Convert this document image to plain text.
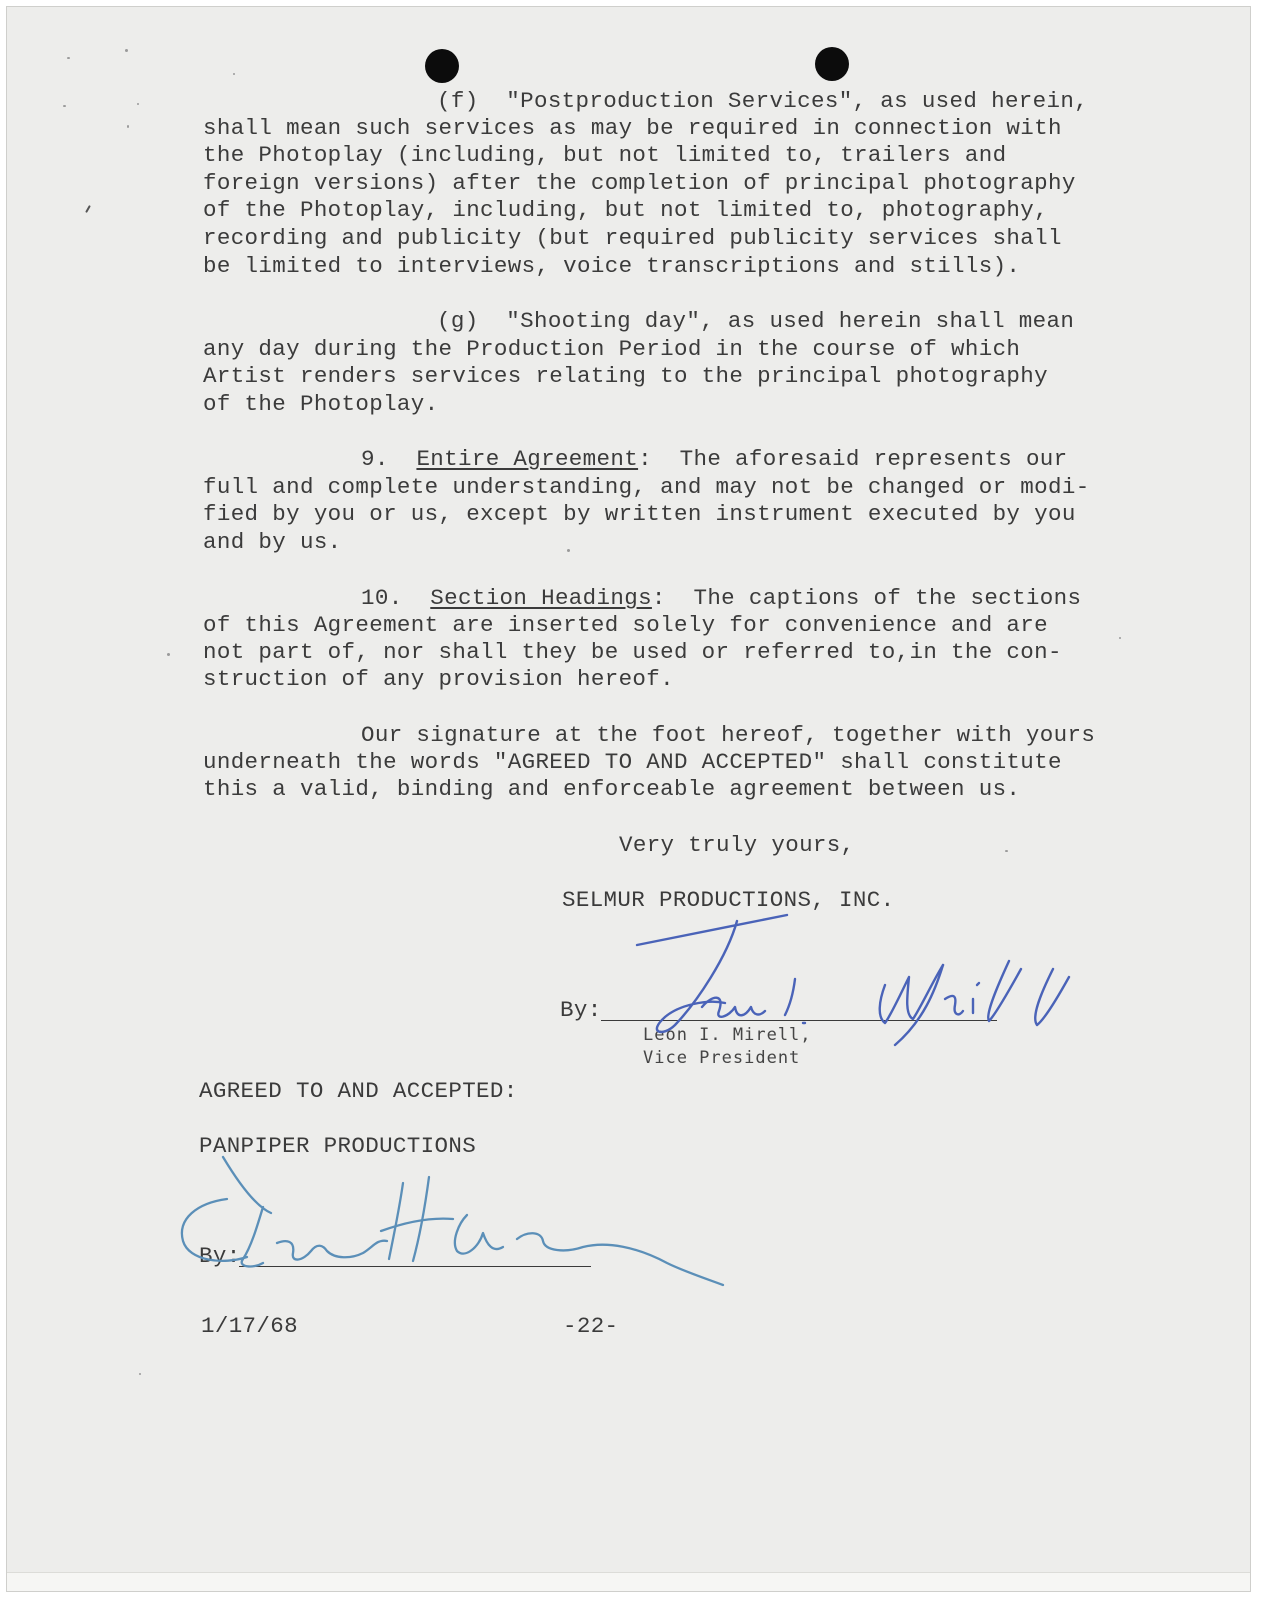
(f)  "Postproduction Services", as used herein,

shall mean such services as may be required in connection with

the Photoplay (including, but not limited to, trailers and

foreign versions) after the completion of principal photography

of the Photoplay, including, but not limited to, photography,

recording and publicity (but required publicity services shall

be limited to interviews, voice transcriptions and stills).

(g)  "Shooting day", as used herein shall mean

any day during the Production Period in the course of which

Artist renders services relating to the principal photography

of the Photoplay.

9. Entire Agreement:  The aforesaid represents our

full and complete understanding, and may not be changed or modi-

fied by you or us, except by written instrument executed by you

and by us.

10. Section Headings:  The captions of the sections

of this Agreement are inserted solely for convenience and are

not part of, nor shall they be used or referred to,in the con-

struction of any provision hereof.

Our signature at the foot hereof, together with yours

underneath the words "AGREED TO AND ACCEPTED" shall constitute

this a valid, binding and enforceable agreement between us.

Very truly yours,

SELMUR PRODUCTIONS, INC.

By:

Leon I. Mirell,

Vice President

AGREED TO AND ACCEPTED:

PANPIPER PRODUCTIONS

By:

1/17/68	-22-
